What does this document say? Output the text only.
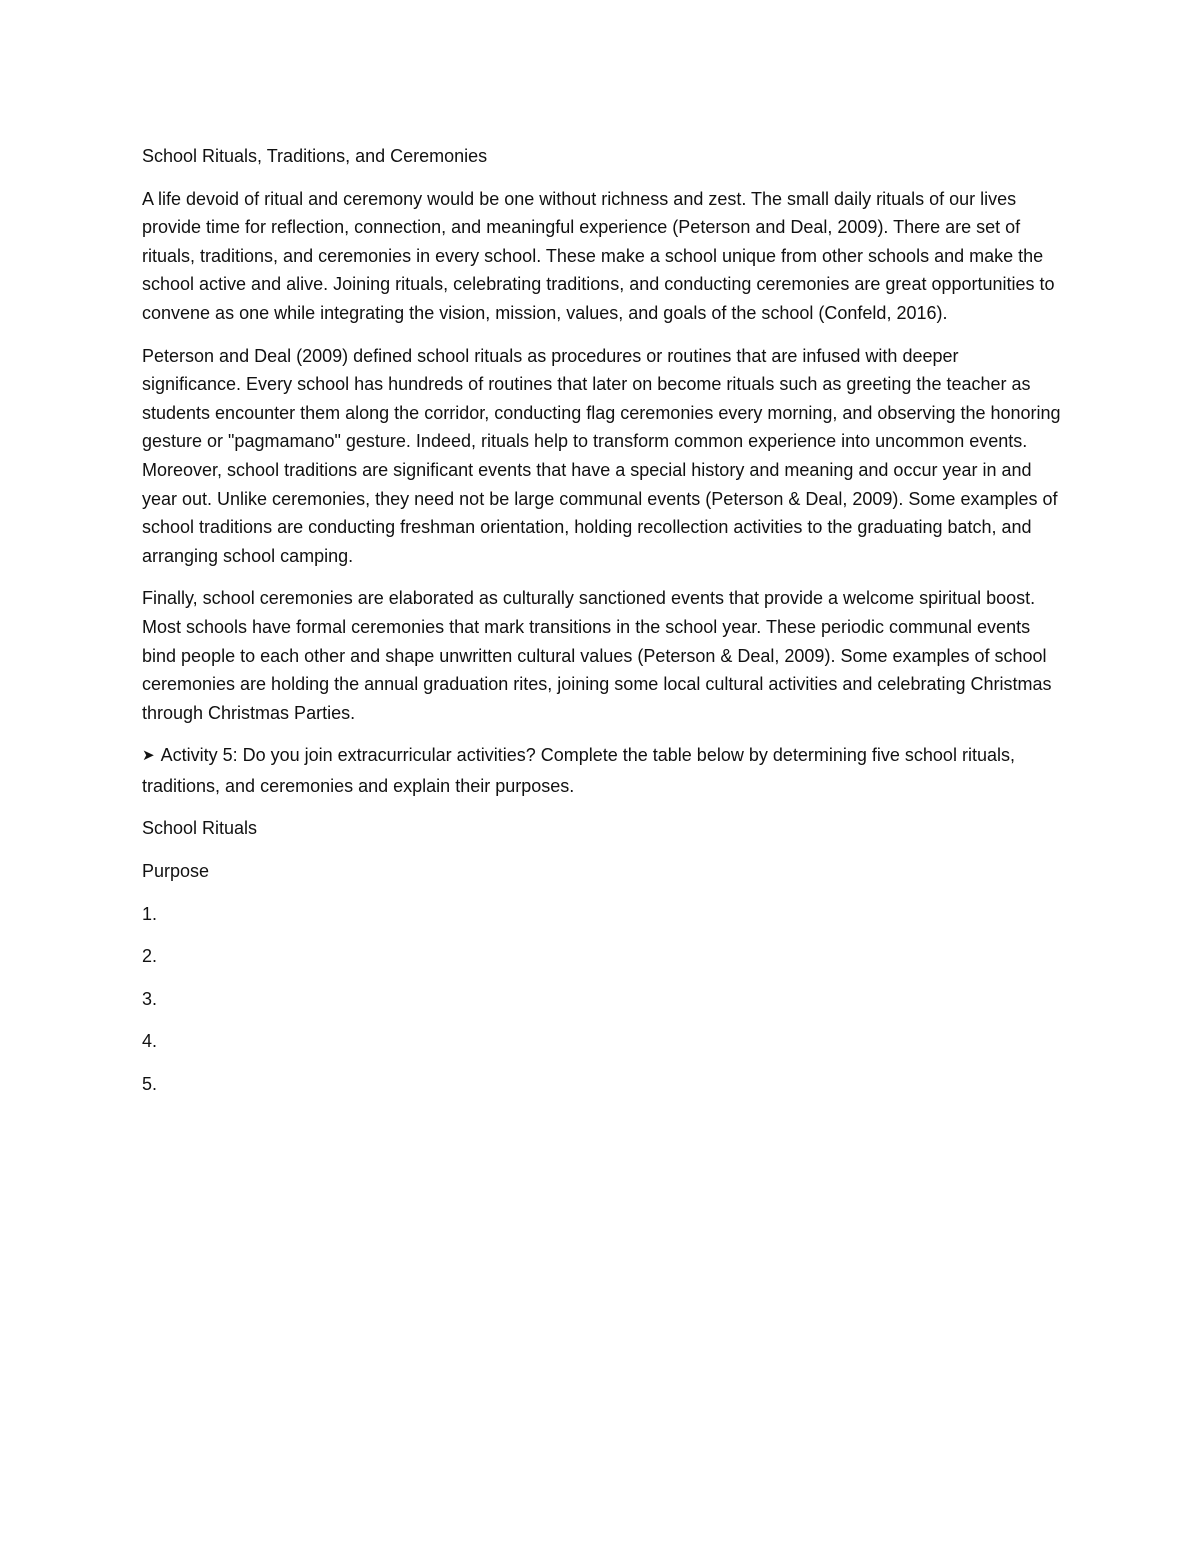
School Rituals, Traditions, and Ceremonies

A life devoid of ritual and ceremony would be one without richness and zest. The small daily rituals of our lives provide time for reflection, connection, and meaningful experience (Peterson and Deal, 2009). There are set of rituals, traditions, and ceremonies in every school. These make a school unique from other schools and make the school active and alive. Joining rituals, celebrating traditions, and conducting ceremonies are great opportunities to convene as one while integrating the vision, mission, values, and goals of the school (Confeld, 2016).

Peterson and Deal (2009) defined school rituals as procedures or routines that are infused with deeper significance. Every school has hundreds of routines that later on become rituals such as greeting the teacher as students encounter them along the corridor, conducting flag ceremonies every morning, and observing the honoring gesture or "pagmamano" gesture. Indeed, rituals help to transform common experience into uncommon events. Moreover, school traditions are significant events that have a special history and meaning and occur year in and year out. Unlike ceremonies, they need not be large communal events (Peterson & Deal, 2009). Some examples of school traditions are conducting freshman orientation, holding recollection activities to the graduating batch, and arranging school camping.

Finally, school ceremonies are elaborated as culturally sanctioned events that provide a welcome spiritual boost. Most schools have formal ceremonies that mark transitions in the school year. These periodic communal events bind people to each other and shape unwritten cultural values (Peterson & Deal, 2009). Some examples of school ceremonies are holding the annual graduation rites, joining some local cultural activities and celebrating Christmas through Christmas Parties.

➤ Activity 5: Do you join extracurricular activities? Complete the table below by determining five school rituals, traditions, and ceremonies and explain their purposes.

School Rituals

Purpose

1.

2.

3.

4.

5.
